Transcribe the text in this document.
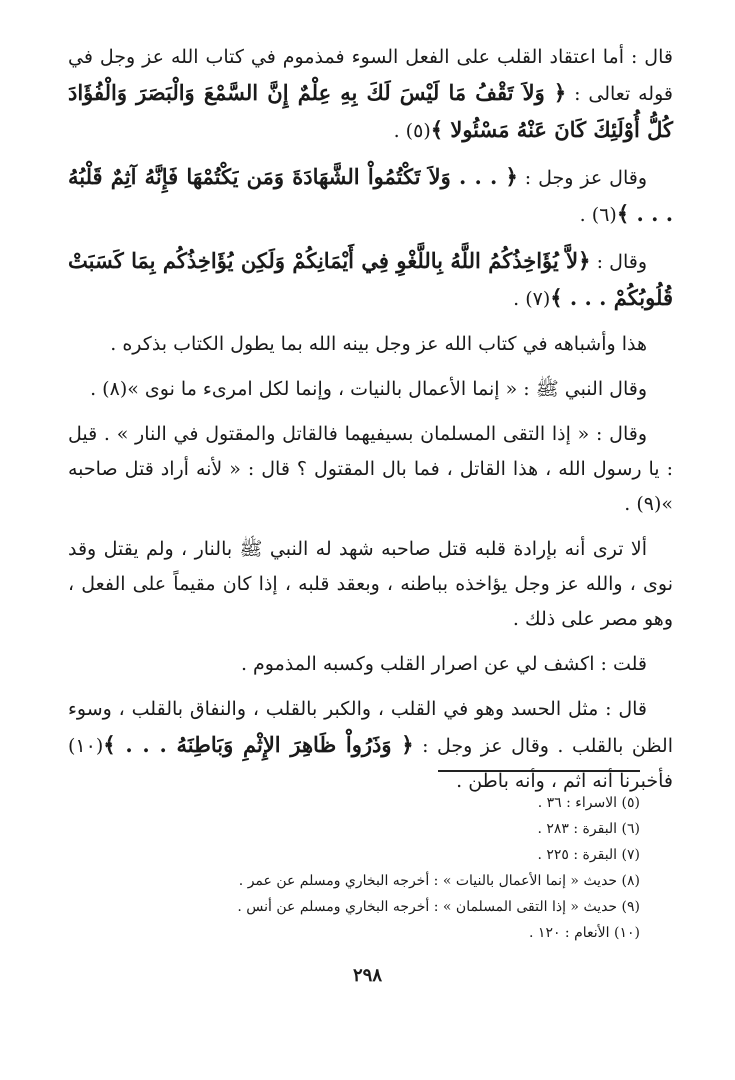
قال : أما اعتقاد القلب على الفعل السوء فمذموم في كتاب الله عز وجل في قوله تعالى : ﴿ وَلاَ تَقْفُ مَا لَيْسَ لَكَ بِهِ عِلْمٌ إِنَّ السَّمْعَ وَالْبَصَرَ وَالْفُؤَادَ كُلُّ أُوْلَئِكَ كَانَ عَنْهُ مَسْئُولا ﴾(٥) .

وقال عز وجل : ﴿ . . . وَلاَ تَكْتُمُواْ الشَّهَادَةَ وَمَن يَكْتُمْهَا فَإِنَّهُ آثِمٌ قَلْبُهُ . . . ﴾(٦) .

وقال : ﴿لاَّ يُؤَاخِذُكُمُ اللَّهُ بِاللَّغْوِ فِي أَيْمَانِكُمْ وَلَكِن يُؤَاخِذُكُم بِمَا كَسَبَتْ قُلُوبُكُمْ . . . ﴾(٧) .

هذا وأشباهه في كتاب الله عز وجل بينه الله بما يطول الكتاب بذكره .

وقال النبي ﷺ : « إنما الأعمال بالنيات ، وإنما لكل امرىء ما نوى »(٨) .

وقال : « إذا التقى المسلمان بسيفيهما فالقاتل والمقتول في النار » . قيل : يا رسول الله ، هذا القاتل ، فما بال المقتول ؟ قال : « لأنه أراد قتل صاحبه »(٩) .

ألا ترى أنه بإرادة قلبه قتل صاحبه شهد له النبي ﷺ بالنار ، ولم يقتل وقد نوى ، والله عز وجل يؤاخذه بباطنه ، وبعقد قلبه ، إذا كان مقيماً على الفعل ، وهو مصر على ذلك .

قلت : اكشف لي عن اصرار القلب وكسبه المذموم .

قال : مثل الحسد وهو في القلب ، والكبر بالقلب ، والنفاق بالقلب ، وسوء الظن بالقلب . وقال عز وجل : ﴿ وَذَرُواْ ظَاهِرَ الإِثْمِ وَبَاطِنَهُ . . . ﴾(١٠) فأخبرنا أنه اثم ، وأنه باطن .

(٥) الاسراء : ٣٦ .

(٦) البقرة : ٢٨٣ .

(٧) البقرة : ٢٢٥ .

(٨) حديث « إنما الأعمال بالنيات » : أخرجه البخاري ومسلم عن عمر .

(٩) حديث « إذا التقى المسلمان » : أخرجه البخاري ومسلم عن أنس .

(١٠) الأنعام : ١٢٠ .

٢٩٨
